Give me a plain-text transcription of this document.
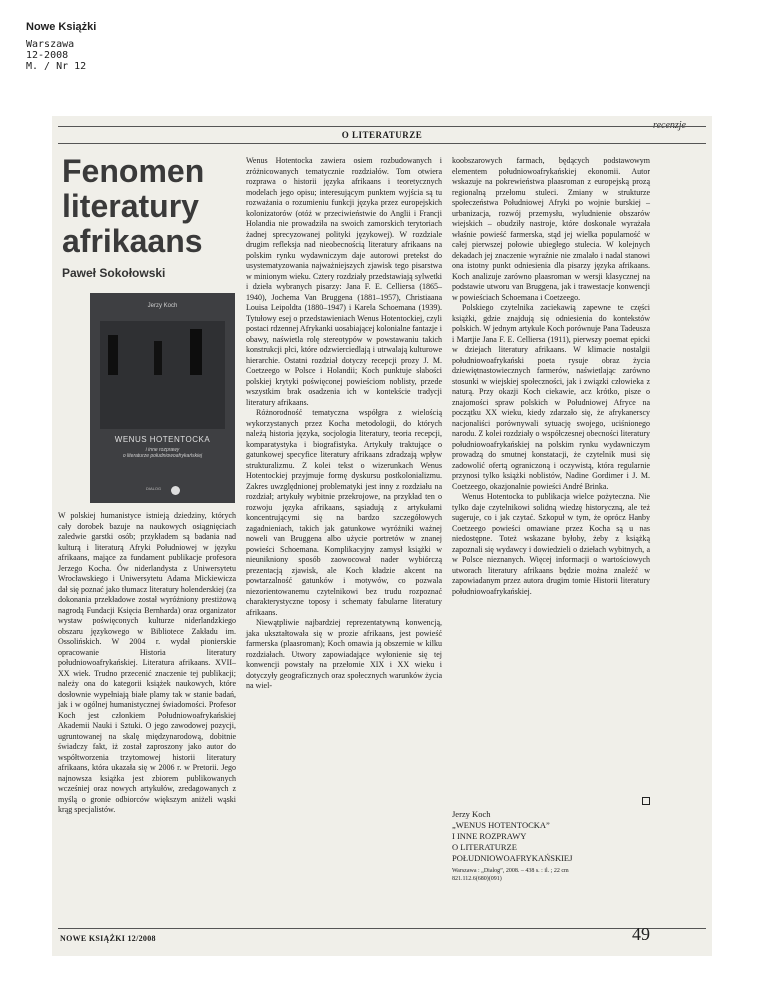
Nowe Książki
Warszawa
12-2008
M. / Nr 12
O LITERATURZE
Fenomen
literatury
afrikaans
Paweł Sokołowski
Jerzy Koch
WENUS HOTENTOCKA
i inne rozprawy
o literaturze południowoafrykańskiej
DIALOG

W polskiej humanistyce istnieją dziedziny, których cały dorobek bazuje na naukowych osiągnięciach zaledwie garstki osób; przykładem są badania nad kulturą i literaturą Afryki Południowej w języku afrikaans, mające za fundament publikacje profesora Jerzego Kocha. Ów niderlandysta z Uniwersytetu Wrocławskiego i Uniwersytetu Adama Mickiewicza dał się poznać jako tłumacz literatury holenderskiej (za dokonania przekładowe został wyróżniony prestiżową nagrodą Fundacji Księcia Bernharda) oraz organizator wystaw poświęconych kulturze niderlandzkiego obszaru językowego w Bibliotece Zakładu im. Ossolińskich. W 2004 r. wydał pionierskie opracowanie Historia literatury południowoafrykańskiej. Literatura afrikaans. XVII–XX wiek. Trudno przecenić znaczenie tej publikacji; należy ona do kategorii książek naukowych, które dosłownie wypełniają białe plamy tak w stanie badań, jak i w ogólnej humanistycznej świadomości. Profesor Koch jest członkiem Południowoafrykańskiej Akademii Nauki i Sztuki. O jego zawodowej pozycji, ugruntowanej na skalę międzynarodową, dobitnie świadczy fakt, iż został zaproszony jako autor do współtworzenia trzytomowej historii literatury afrikaans, która ukazała się w 2006 r. w Pretorii. Jego najnowsza książka jest zbiorem publikowanych wcześniej oraz nowych artykułów, zredagowanych z myślą o gronie odbiorców większym aniżeli wąski krąg specjalistów.

Wenus Hotentocka zawiera osiem rozbudowanych i zróżnicowanych tematycznie rozdziałów. Tom otwiera rozprawa o historii języka afrikaans i teoretycznych modelach jego opisu; interesującym punktem wyjścia są tu rozważania o rozumieniu funkcji języka przez europejskich kolonizatorów (otóż w przeciwieństwie do Anglii i Francji Holandia nie prowadziła na swoich zamorskich terytoriach żadnej sprecyzowanej polityki językowej). W rozdziale drugim refleksja nad nieobecnością literatury afrikaans na polskim rynku wydawniczym daje autorowi pretekst do usystematyzowania najważniejszych zjawisk tego pisarstwa w minionym wieku. Cztery rozdziały przedstawiają sylwetki i dzieła wybranych pisarzy: Jana F. E. Celliersa (1865–1940), Jochema Van Bruggena (1881–1957), Christiaana Louisa Leipoldta (1880–1947) i Karela Schoemana (1939). Tytułowy esej o przedstawieniach Wenus Hotentockiej, czyli postaci rdzennej Afrykanki uosabiającej kolonialne fantazje i obawy, naświetla rolę stereotypów w powstawaniu takich konstrukcji płci, które odzwierciedlają i utrwalają kulturowe hierarchie. Ostatni rozdział dotyczy recepcji prozy J. M. Coetzeego w Polsce i Holandii; Koch punktuje słabości polskiej krytyki poświęconej powieściom noblisty, przede wszystkim brak osadzenia ich w kontekście tradycji literatury afrikaans.

Różnorodność tematyczna współgra z wielością wykorzystanych przez Kocha metodologii, do których należą historia języka, socjologia literatury, teoria recepcji, komparatystyka i biografistyka. Artykuły traktujące o gatunkowej specyfice literatury afrikaans zdradzają wpływ strukturalizmu. Z kolei tekst o wizerunkach Wenus Hotentockiej przyjmuje formę dyskursu postkolonializmu. Zakres uwzględnionej problematyki jest inny z rozdziału na rozdział; artykuły wybitnie przekrojowe, na przykład ten o rozwoju języka afrikaans, sąsiadują z artykułami koncentrującymi się na bardzo szczegółowych zagadnieniach, takich jak gatunkowe wyróżniki ważnej noweli van Bruggena albo użycie portretów w znanej powieści Schoemana. Komplikacyjny zamysł książki w nieunikniony sposób zaowocował nader wybiórczą prezentacją zjawisk, ale Koch kładzie akcent na powtarzalność gatunków i motywów, co pozwala niezorientowanemu czytelnikowi bez trudu rozpoznać charakterystyczne toposy i schematy fabularne literatury afrikaans.

Niewątpliwie najbardziej reprezentatywną konwencją, jaka ukształtowała się w prozie afrikaans, jest powieść farmerska (plaasroman); Koch omawia ją obszernie w kilku rozdziałach. Utwory zapowiadające wyłonienie się tej konwencji powstały na przełomie XIX i XX wieku i dotyczyły geograficznych oraz społecznych warunków życia na wiel-

koobszarowych farmach, będących podstawowym elementem południowoafrykańskiej ekonomii. Autor wskazuje na pokrewieństwa plaasroman z europejską prozą regionalną przełomu stuleci. Zmiany w strukturze społeczeństwa Południowej Afryki po wojnie burskiej – urbanizacja, rozwój przemysłu, wyludnienie obszarów wiejskich – obudziły nastroje, które doskonale wyrażała właśnie powieść farmerska, stąd jej wielka popularność w całej pierwszej połowie ubiegłego stulecia. W kolejnych dekadach jej znaczenie wyraźnie nie zmalało i nadal stanowi ona istotny punkt odniesienia dla pisarzy języka afrikaans. Koch analizuje zarówno plaasroman w wersji klasycznej na podstawie utworu van Bruggena, jak i trawestacje konwencji w powieściach Schoemana i Coetzeego.

Polskiego czytelnika zaciekawią zapewne te części książki, gdzie znajdują się odniesienia do kontekstów polskich. W jednym artykule Koch porównuje Pana Tadeusza i Martjie Jana F. E. Celliersa (1911), pierwszy poemat epicki w dziejach literatury afrikaans. W klimacie nostalgii południowoafrykański poeta rysuje obraz życia dziewiętnastowiecznych farmerów, naświetlając zarówno stosunki w wiejskiej społeczności, jak i związki człowieka z naturą. Przy okazji Koch ciekawie, acz krótko, pisze o znajomości spraw polskich w Południowej Afryce na początku XX wieku, kiedy zdarzało się, że afrykanerscy nacjonaliści porównywali sytuację swojego, uciśnionego narodu. Z kolei rozdziały o współczesnej obecności literatury południowoafrykańskiej na polskim rynku wydawniczym prowadzą do smutnej konstatacji, że czytelnik musi się zadowolić ofertą ograniczoną i oczywistą, która regularnie przynosi tylko książki noblistów, Nadine Gordimer i J. M. Coetzeego, okazjonalnie powieści André Brinka.

Wenus Hotentocka to publikacja wielce pożyteczna. Nie tylko daje czytelnikowi solidną wiedzę historyczną, ale też sugeruje, co i jak czytać. Szkopuł w tym, że oprócz Hanby Coetzeego powieści omawiane przez Kocha są u nas niedostępne. Toteż wskazane byłoby, żeby z książką zapoznali się wydawcy i dowiedzieli o dziełach wybitnych, a w Polsce nieznanych. Więcej informacji o wartościowych utworach literatury afrikaans będzie można znaleźć w zapowiadanym przez autora drugim tomie Historii literatury południowoafrykańskiej.

Jerzy Koch
„WENUS HOTENTOCKA”
I INNE ROZPRAWY
O LITERATURZE
POŁUDNIOWOAFRYKAŃSKIEJ
Warszawa : „Dialog”, 2008. – 438 s. : il. ; 22 cm
821.112.6(680)(091)
NOWE KSIĄŻKI 12/2008	49
